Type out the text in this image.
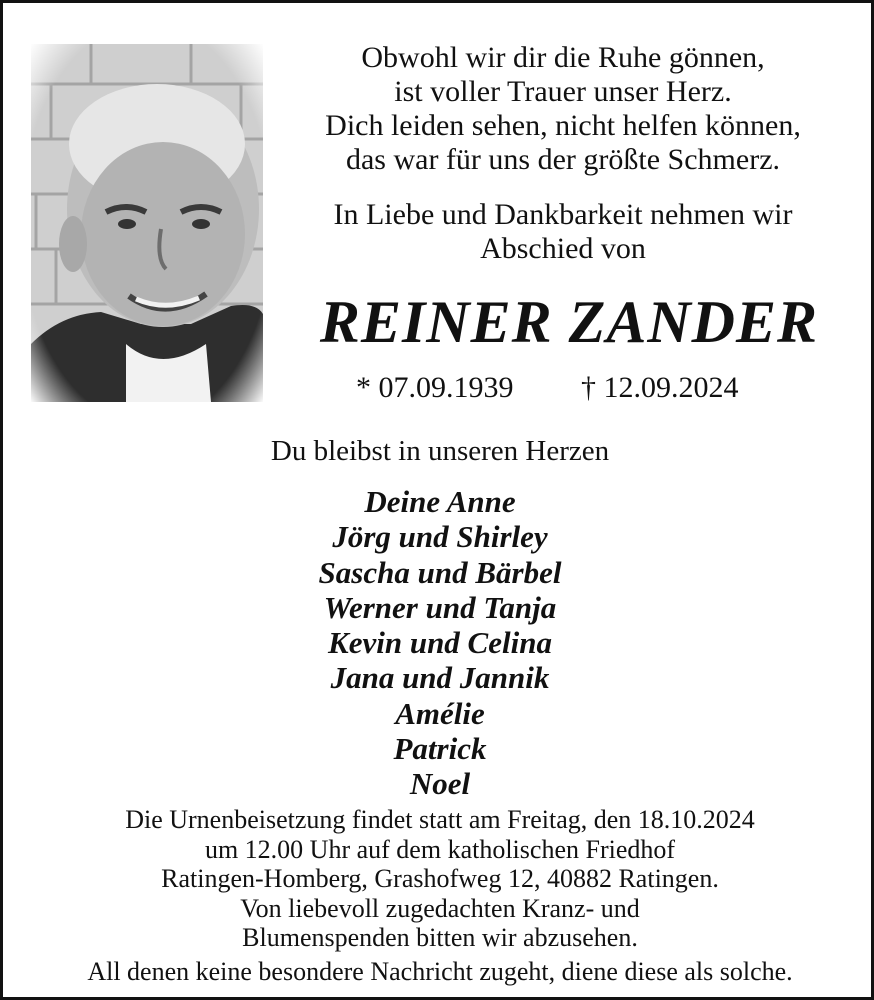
Obwohl wir dir die Ruhe gönnen,
ist voller Trauer unser Herz.
Dich leiden sehen, nicht helfen können,
das war für uns der größte Schmerz.
In Liebe und Dankbarkeit nehmen wir
Abschied von
REINER ZANDER
* 07.09.1939 † 12.09.2024
Du bleibst in unseren Herzen
Deine Anne
Jörg und Shirley
Sascha und Bärbel
Werner und Tanja
Kevin und Celina
Jana und Jannik
Amélie
Patrick
Noel
Die Urnenbeisetzung findet statt am Freitag, den 18.10.2024
um 12.00 Uhr auf dem katholischen Friedhof
Ratingen-Homberg, Grashofweg 12, 40882 Ratingen.
Von liebevoll zugedachten Kranz- und
Blumenspenden bitten wir abzusehen.
All denen keine besondere Nachricht zugeht, diene diese als solche.
